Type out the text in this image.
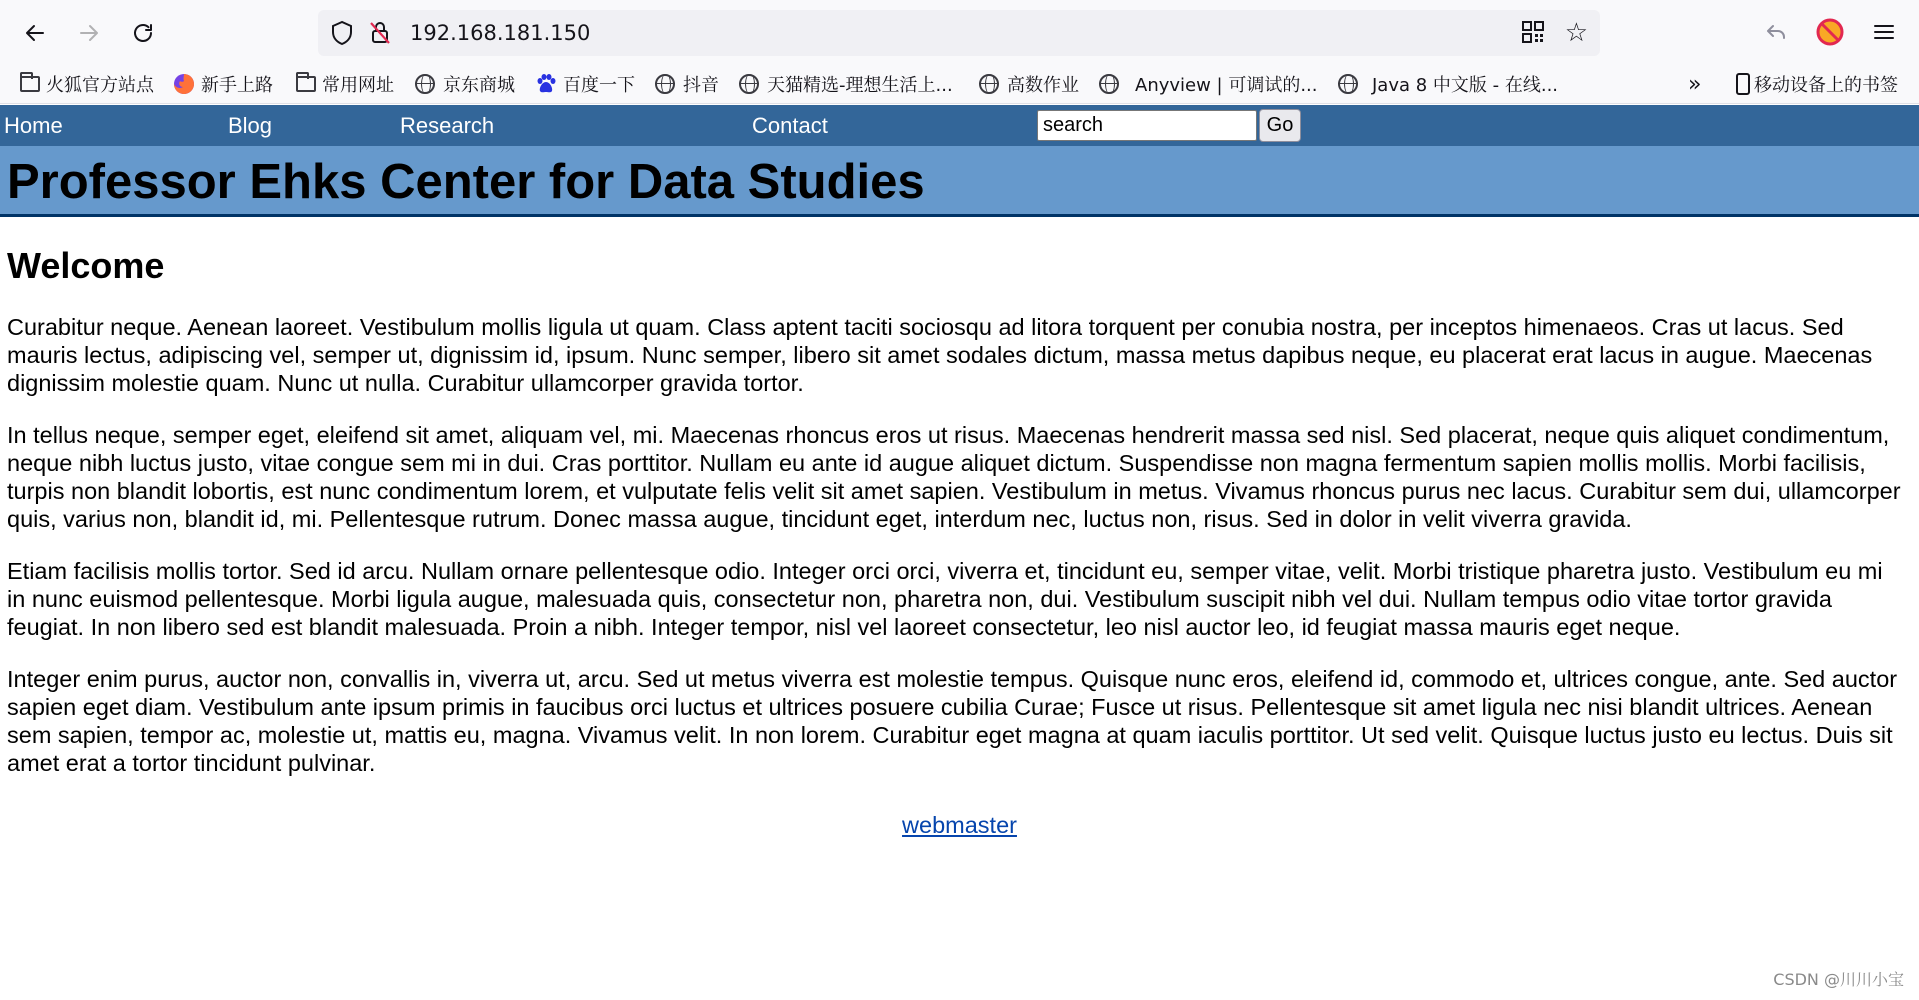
192.168.181.150	☆
火狐官方站点	新手上路	常用网址	京东商城	百度一下	抖音	天猫精选-理想生活上...	高数作业	Anyview | 可调试的...	Java 8 中文版 - 在线...	»	移动设备上的书签
Home	Blog	Research	Contact
search	Go
Professor Ehks Center for Data Studies
Welcome

Curabitur neque. Aenean laoreet. Vestibulum mollis ligula ut quam. Class aptent taciti sociosqu ad litora torquent per conubia nostra, per inceptos himenaeos. Cras ut lacus. Sed mauris lectus, adipiscing vel, semper ut, dignissim id, ipsum. Nunc semper, libero sit amet sodales dictum, massa metus dapibus neque, eu placerat erat lacus in augue. Maecenas dignissim molestie quam. Nunc ut nulla. Curabitur ullamcorper gravida tortor.

In tellus neque, semper eget, eleifend sit amet, aliquam vel, mi. Maecenas rhoncus eros ut risus. Maecenas hendrerit massa sed nisl. Sed placerat, neque quis aliquet condimentum, neque nibh luctus justo, vitae congue sem mi in dui. Cras porttitor. Nullam eu ante id augue aliquet dictum. Suspendisse non magna fermentum sapien mollis mollis. Morbi facilisis, turpis non blandit lobortis, est nunc condimentum lorem, et vulputate felis velit sit amet sapien. Vestibulum in metus. Vivamus rhoncus purus nec lacus. Curabitur sem dui, ullamcorper quis, varius non, blandit id, mi. Pellentesque rutrum. Donec massa augue, tincidunt eget, interdum nec, luctus non, risus. Sed in dolor in velit viverra gravida.

Etiam facilisis mollis tortor. Sed id arcu. Nullam ornare pellentesque odio. Integer orci orci, viverra et, tincidunt eu, semper vitae, velit. Morbi tristique pharetra justo. Vestibulum eu mi in nunc euismod pellentesque. Morbi ligula augue, malesuada quis, consectetur non, pharetra non, dui. Vestibulum suscipit nibh vel dui. Nullam tempus odio vitae tortor gravida feugiat. In non libero sed est blandit malesuada. Proin a nibh. Integer tempor, nisl vel laoreet consectetur, leo nisl auctor leo, id feugiat massa mauris eget neque.

Integer enim purus, auctor non, convallis in, viverra ut, arcu. Sed ut metus viverra est molestie tempus. Quisque nunc eros, eleifend id, commodo et, ultrices congue, ante. Sed auctor sapien eget diam. Vestibulum ante ipsum primis in faucibus orci luctus et ultrices posuere cubilia Curae; Fusce ut risus. Pellentesque sit amet ligula nec nisi blandit ultrices. Aenean sem sapien, tempor ac, molestie ut, mattis eu, magna. Vivamus velit. In non lorem. Curabitur eget magna at quam iaculis porttitor. Ut sed velit. Quisque luctus justo eu lectus. Duis sit amet erat a tortor tincidunt pulvinar.

webmaster
CSDN @川川小宝
